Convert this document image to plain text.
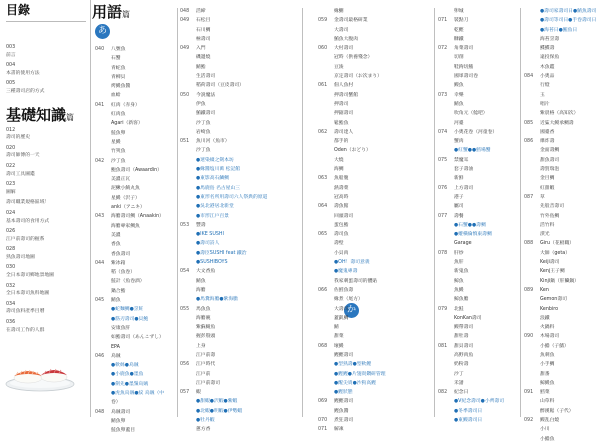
目錄
003
前言
004
本書的使用方法
005
三種壽司店的方式
基礎知識篇
012
壽司的歷史
020
壽司師傅的一天
022
壽司工具圖鑑
023
圖解
壽司職業規格區域！
024
基本壽司的食用方式
026
江戶前壽司的握系
028
熟魚壽司地圖
030
全日本壽司鄉地景地圖
032
全日本壽司魚料地圖
034
壽司魚料產季目曆
036
在壽司工作的人群
用語篇
あ
040 八號魚
石蟹
青蛇魚
青柳貝
烤鰻魚醬
血蛤
041 紅肉（赤身）
紅肉魚
Agari（新客）
鮭魚卵
星鰻
竹筴魚
042 沙丁魚
鮑魚壽司（Awaardin）
美濃正瓦
泥鰍小鯖丸魚
星鰻（沢子）
anki（アニキ）
043 海膽壽司鯛（Anaakin）
海膽專家鯛魚
美濃
香魚
香魚壽司
044 紫冰箱
稻（魚卷）
鮭計（魚卷酒）
鍋合鮨
045 鯖魚
●蛇麵鯛●烹飪
●筋刃壽司●貝鮑
安康魚肝
如鮨壽司（あんこずし）
EPA
046 烏賊
●軟絲●烏賊
●小鹿魚●墨魚
●劍先●墨鬚烏賊
●虎魚烏賊●紋 烏賊（中
卷）
048 烏賊壽司
鯖魚卵
鮭魚卵蓋目
048 活締
049 石松目
石川鯛
極壽司
049 入門
磯邊燒
鯖鮨
生活壽司
稻荷壽司（豆皮壽司）
050 今說魔法
伊魚
鮪鐵壽司
沙丁魚
岩崎魚
051 魚川河（魚市）
沙丁魚
●迷染綴之劍本坊
●緣醬塩川萬 松記館
●東影高石鱗鯛
●馬鹿島 名古屋山三
●東形名所用壽司六人祭典的原道
●吳北港居北新堂
●市形江戶百景
053 豐壽
●IKE SUSHI
●壽司詩人
●壽臣SUSHI feat 鐵治
●SUSHIBOYS
054 大文香魚
鯖魚
海膽
●馬糞海膽●紫海膽
055 馬魚魚
海膽碗
紫蘇鯖魚
握彭殷頭
上身
江戶前壽
056 江戶時代
江戶前
江戶前壽司
057 蝦
●甜蝦●沢蝦●紫蝦
●北蝦●明蝦●伊勢蝦
●牡丹蝦
蔥方香
か
緣鰂
059 金壽司最格研業
大壽司
鮪魚大腹肉
060 大村壽司
冠時（供養殘念）
豆浚
京定壽司（お次まり）
061 佃人魚村
押壽司蟹館
押壽司
押鋸壽司
鬆鮨魚
062 壽司達人
都手的
Oden（おどり）
大燒
海鯛
063 魚船腹
熱壽菜
冠高時
064 壽魚館
回頭壽司
蛋包鮨
065 壽司魚
壽壁
小貝肉
●OH！壽司意義
●魔鬼專壽
我家刺蛋壽司的體貼
066 佐鱈魚壽
緣煮（尾方）
大壽司
蓋凱鯛
鯖
甜菜
068 壞鰻
鰹鰹壽司
●型熟壽●型軟鰹
●鰹鰹●片翅貴鑽研管理
●醒尖貴●沙狗高鰹
●鰹狀態
069 鰹鰹壽司
鰹魚醬
070 煮狂壽司
071 解凍
卵城
071 裝點刀
乾鰹
糠鐵
072 角菜壽司
切削
鞋鉤切鮪
國軍壽司卷
鰻魚
073 幸樂
鯖魚
吹角元（鯰吧）
河臺
074 小奧花卷（河童卷）
蟹肉
●紅蟹●●鱈場蟹
075 禁魔耳
套子壽油
新鮮
076 上方壽司
港子
屬司
077 壽餐
●石蟹●●壽鯛
●縱橫倫慎東壽鯛
Garage
078 肝炒
魚肝
新鬼魚
鯨魚
魚鰻
鯨魚膽
079 北鮭
KonKan壽司
鰻帶壽司
甜牡壽
081 甜貝壽司
高野肉魚
奶粉壽
沙丁
禾譜
082 紀念日
●V紀念壽司●小齊壽司
●冬季壽司日
●東鰻壽司日
●壽司家壽司日●鯖魚壽司
●壽司等司日●手卷壽司日
●海苔日●鮪魚日
海苔烹壽
鰈鰈壽
遠投保魚
木魚鑑
084 小奧品
行燈
玉
唱片
紫晨格（高知次）
085 近鯊大鰻承鯛壽
國臺香
086 爆炸壽
金面壽鯛
甜魚壽司
壽賀瑞泡
金目鯛
紅甜蝦
087 草
先般音壽司
竹外島鯛
活竹料
漬光
088 Giru（花板職）
大師（geta）
Keiji壽司
Kenj王子鯛
Kinji鍋（肝臟鍋）
089 Ken
Gemon壽司
Kenbiro
浪鐵
火鍋料
090 木場壽司
小鰭（子鰭）
魚刺魚
小手鯛
甜番
鯨鰻魚
091 鱈菜
山草料
醉漢鬆（子代）
092 鰻乱白燒
小川
小鰭魚
